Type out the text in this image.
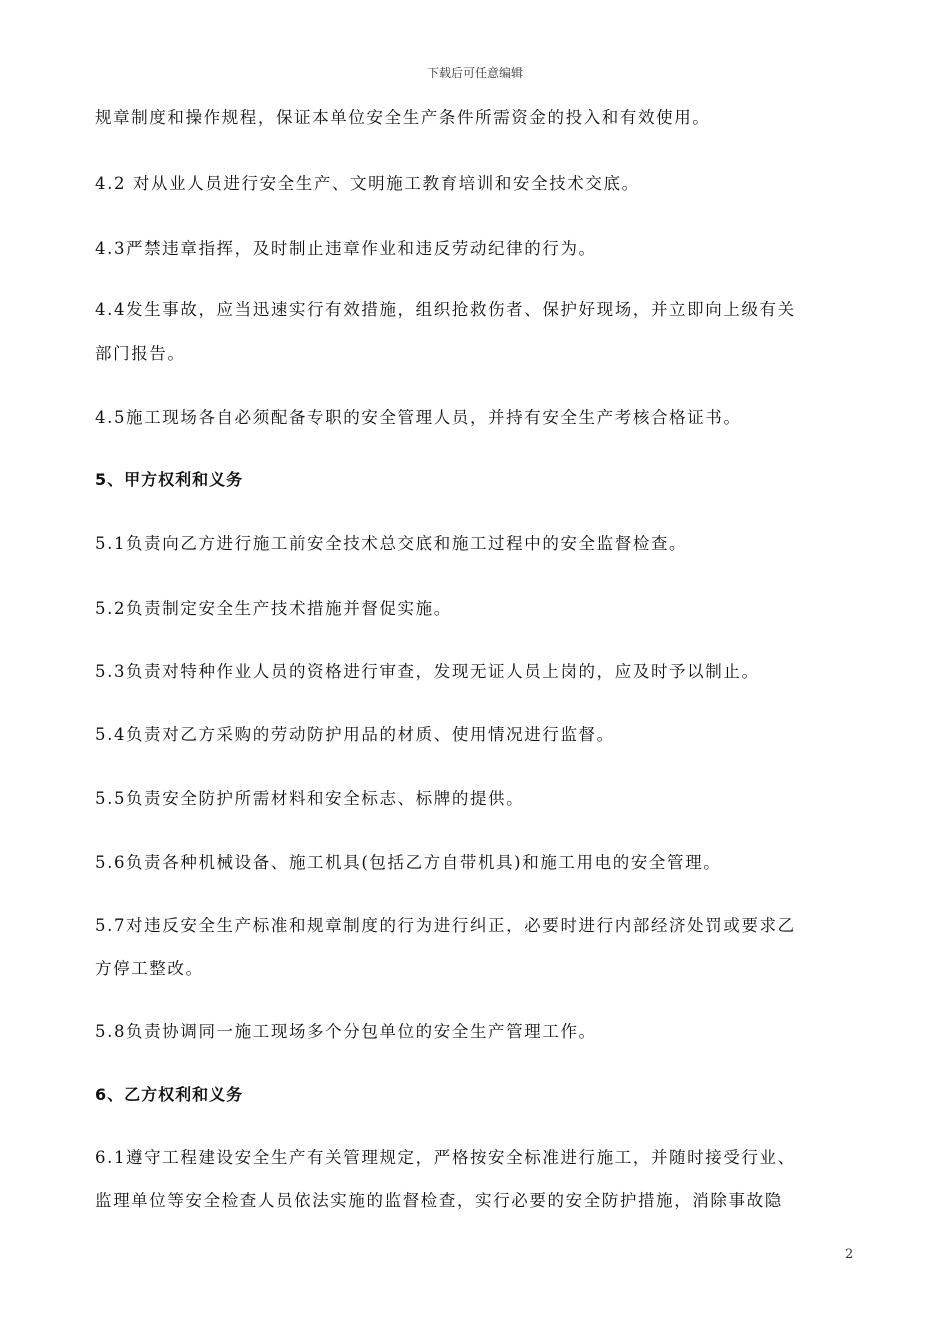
下载后可任意编辑
规章制度和操作规程，保证本单位安全生产条件所需资金的投入和有效使用。
4.2 对从业人员进行安全生产、文明施工教育培训和安全技术交底。
4.3严禁违章指挥，及时制止违章作业和违反劳动纪律的行为。
4.4发生事故，应当迅速实行有效措施，组织抢救伤者、保护好现场，并立即向上级有关
部门报告。
4.5施工现场各自必须配备专职的安全管理人员，并持有安全生产考核合格证书。
5、甲方权利和义务
5.1负责向乙方进行施工前安全技术总交底和施工过程中的安全监督检查。
5.2负责制定安全生产技术措施并督促实施。
5.3负责对特种作业人员的资格进行审查，发现无证人员上岗的，应及时予以制止。
5.4负责对乙方采购的劳动防护用品的材质、使用情况进行监督。
5.5负责安全防护所需材料和安全标志、标牌的提供。
5.6负责各种机械设备、施工机具(包括乙方自带机具)和施工用电的安全管理。
5.7对违反安全生产标准和规章制度的行为进行纠正，必要时进行内部经济处罚或要求乙
方停工整改。
5.8负责协调同一施工现场多个分包单位的安全生产管理工作。
6、乙方权利和义务
6.1遵守工程建设安全生产有关管理规定，严格按安全标准进行施工，并随时接受行业、
监理单位等安全检查人员依法实施的监督检查，实行必要的安全防护措施，消除事故隐
2
